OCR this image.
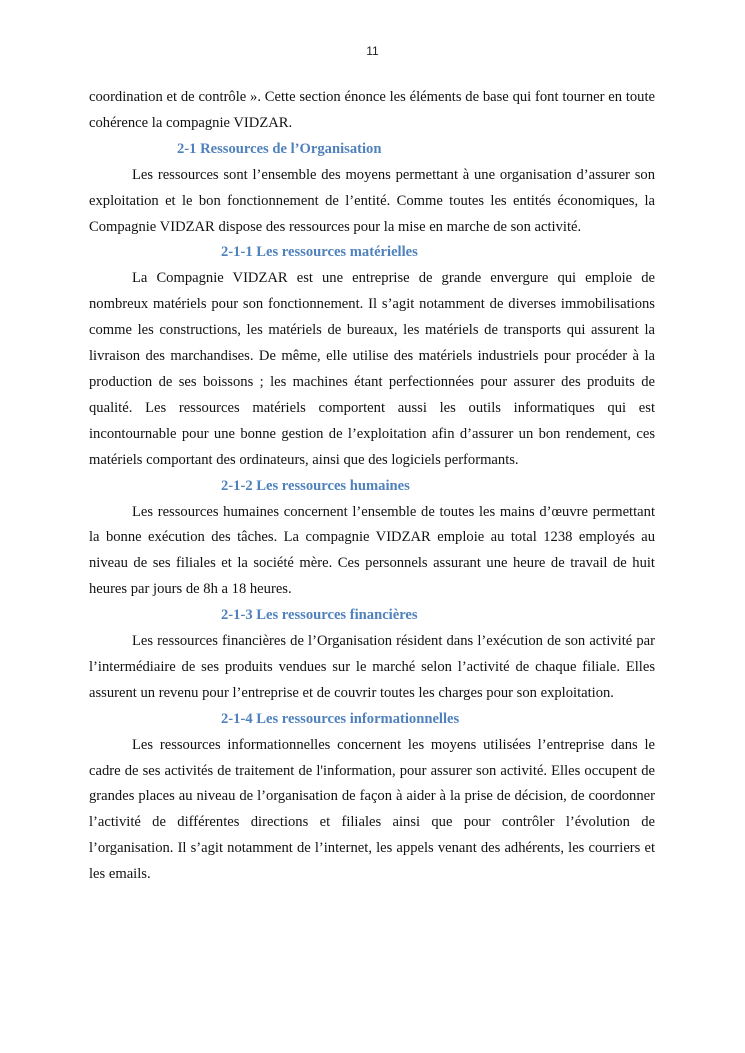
11

coordination et de contrôle ». Cette section énonce les éléments de base qui font tourner en toute cohérence la compagnie VIDZAR.

2-1 Ressources de l’Organisation

Les ressources sont l’ensemble des moyens permettant à une organisation d’assurer son exploitation et le bon fonctionnement de l’entité. Comme toutes les entités économiques, la Compagnie VIDZAR dispose des ressources pour la mise en marche de son activité.

2-1-1 Les ressources matérielles

La Compagnie VIDZAR est une entreprise de grande envergure qui emploie de nombreux matériels pour son fonctionnement. Il s’agit notamment de diverses immobilisations comme les constructions, les matériels de bureaux, les matériels de transports qui assurent la livraison des marchandises. De même, elle utilise des matériels industriels pour procéder à la production de ses boissons ; les machines étant perfectionnées pour assurer des produits de qualité. Les ressources matériels comportent aussi les outils informatiques qui est incontournable pour une bonne gestion de l’exploitation afin d’assurer un bon rendement, ces matériels comportant des ordinateurs, ainsi que des logiciels performants.

2-1-2 Les ressources humaines

Les ressources humaines concernent l’ensemble de toutes les mains d’œuvre permettant la bonne exécution des tâches. La compagnie VIDZAR emploie au total 1238 employés au niveau de ses filiales et la société mère. Ces personnels assurant une heure de travail de huit heures par jours de 8h a 18 heures.

2-1-3 Les ressources financières

Les ressources financières de l’Organisation résident dans l’exécution de son activité par l’intermédiaire de ses produits vendues sur le marché selon l’activité de chaque filiale. Elles assurent un revenu pour l’entreprise et de couvrir toutes les charges pour son exploitation.

2-1-4 Les ressources informationnelles

Les ressources informationnelles concernent les moyens utilisées l’entreprise dans le cadre de ses activités de traitement de l'information, pour assurer son activité. Elles occupent de grandes places au niveau de l’organisation de façon à aider à la prise de décision, de coordonner l’activité de différentes directions et filiales ainsi que pour contrôler l’évolution de l’organisation. Il s’agit notamment de l’internet, les appels venant des adhérents, les courriers et les emails.
